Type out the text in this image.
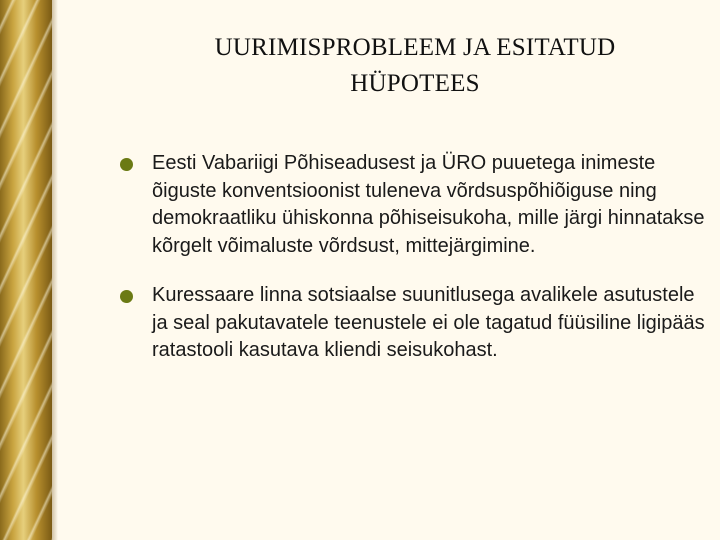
UURIMISPROBLEEM JA ESITATUD
HÜPOTEES
Eesti Vabariigi Põhiseadusest ja ÜRO puuetega inimeste õiguste konventsioonist tuleneva võrdsuspõhiõiguse ning demokraatliku ühiskonna põhiseisukoha, mille järgi hinnatakse kõrgelt võimaluste võrdsust, mittejärgimine.
Kuressaare linna sotsiaalse suunitlusega avalikele asutustele ja seal pakutavatele teenustele ei ole tagatud füüsiline ligipääs ratastooli kasutava kliendi seisukohast.
